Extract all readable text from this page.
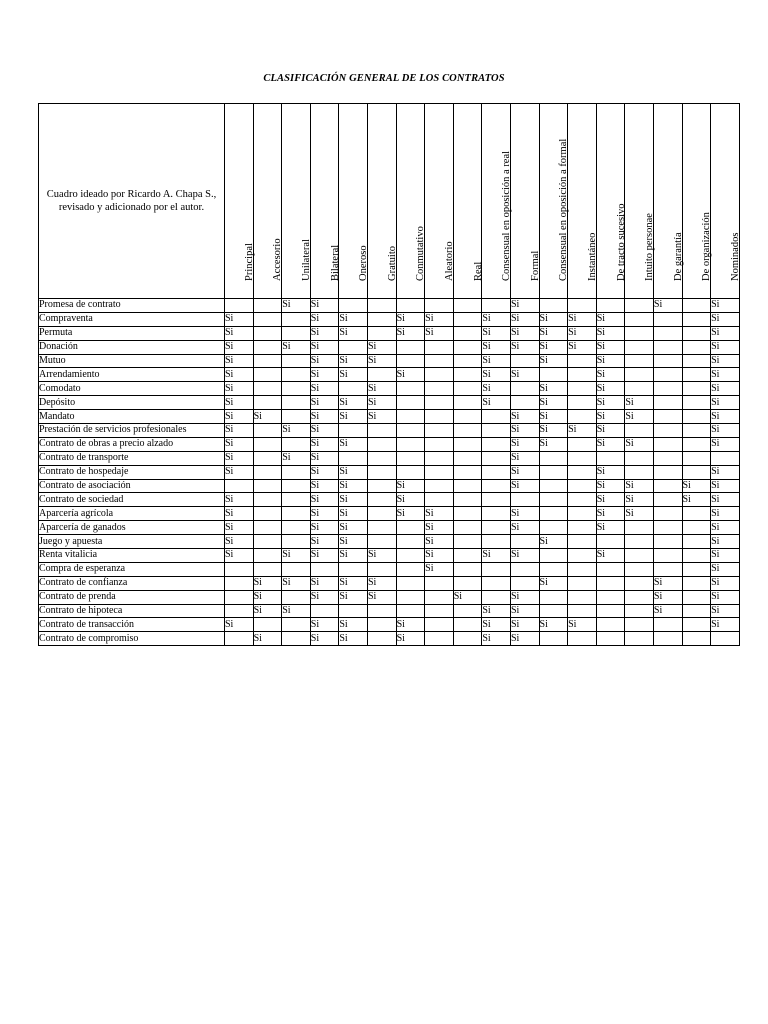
CLASIFICACIÓN GENERAL DE LOS CONTRATOS
Cuadro ideado por Ricardo A. Chapa S., revisado y adicionado por el autor.	Principal	Accesorio	Unilateral	Bilateral	Oneroso	Gratuito	Conmutativo	Aleatorio	Real	Consensual en oposición a real	Formal	Consensual en oposición a formal	Instantáneo	De tracto sucesivo	Intuito personae	De garantía	De organización	Nominados

Promesa de contrato			Si	Si							Si					Si		Si
Compraventa	Si			Si	Si		Si	Si		Si	Si	Si	Si	Si				Si
Permuta	Si			Si	Si		Si	Si		Si	Si	Si	Si	Si				Si
Donación	Si		Si	Si		Si				Si	Si	Si	Si	Si				Si
Mutuo	Si			Si	Si	Si				Si		Si		Si				Si
Arrendamiento	Si			Si	Si		Si			Si	Si			Si				Si
Comodato	Si			Si		Si				Si		Si		Si				Si
Depósito	Si			Si	Si	Si				Si		Si		Si	Si			Si
Mandato	Si	Si		Si	Si	Si					Si	Si		Si	Si			Si
Prestación de servicios profesionales	Si		Si	Si							Si	Si	Si	Si				Si
Contrato de obras a precio alzado	Si			Si	Si						Si	Si		Si	Si			Si
Contrato de transporte	Si		Si	Si							Si							
Contrato de hospedaje	Si			Si	Si						Si			Si				Si
Contrato de asociación				Si	Si		Si				Si			Si	Si		Si	Si
Contrato de sociedad	Si			Si	Si		Si							Si	Si		Si	Si
Aparcería agrícola	Si			Si	Si		Si	Si			Si			Si	Si			Si
Aparcería de ganados	Si			Si	Si			Si			Si			Si				Si
Juego y apuesta	Si			Si	Si			Si				Si						Si
Renta vitalicia	Si		Si	Si	Si	Si		Si		Si	Si			Si				Si
Compra de esperanza								Si										Si
Contrato de confianza		Si	Si	Si	Si	Si						Si				Si		Si
Contrato de prenda		Si		Si	Si	Si			Si		Si					Si		Si
Contrato de hipoteca		Si	Si							Si	Si					Si		Si
Contrato de transacción	Si			Si	Si		Si			Si	Si	Si	Si					Si
Contrato de compromiso		Si		Si	Si		Si			Si	Si							
